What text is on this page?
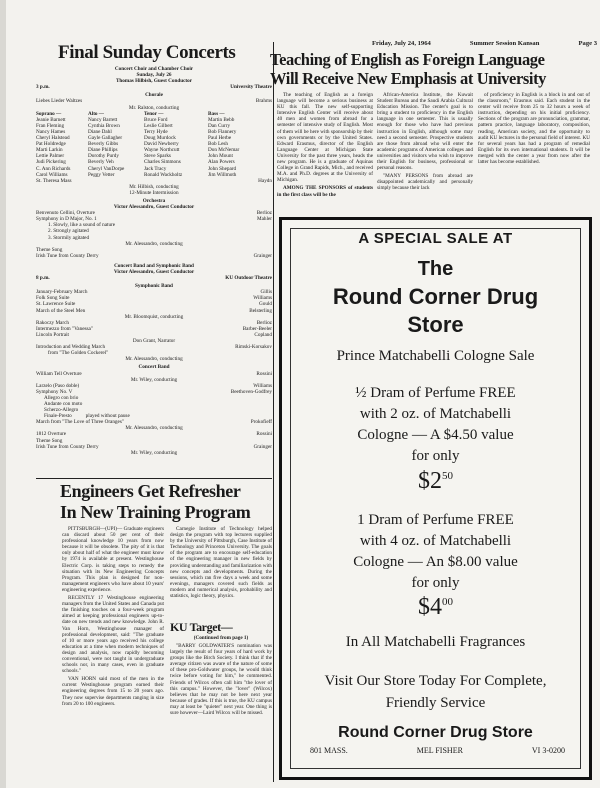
Friday, July 24, 1964	Summer Session Kansan	Page 3
Final Sunday Concerts
Concert Choir and Chamber Choir
Sunday, July 26
Thomas Hilbish, Guest Conductor
3 p.m.	University Theatre
Chorale
Liebes Lieder Waltzes	Brahms
Mr. Ralston, conducting
Soprano —	Alto —	Tenor —	Bass —
Jeanie Barnett	Nancy Barrett	Bruce Ford	Martin Bebb
Fran Fleming	Cynthia Brown	Leslie Gilbert	Dan Curry
Nancy Hames	Diane Dahl	Terry Hyde	Bob Flannery
Cheryl Halstead	Gayle Gallagher	Doug Murdock	Paul Herbe
Pat Holdredge	Beverly Gibbs	David Newberry	Bob Lesh
Marti Larkin	Diane Phillips	Wayne Northcutt	Don McNemar
Lettie Palmer	Dorothy Purdy	Steve Sparks	John Mount
Judi Pickering	Beverly Veh	Charles Simmons	Alan Powers
C. Ann Richards	Cheryl VanDorpe	Jack Tracy	John Shepard
Carol Williams	Peggy Vetter	Ronald Wackholtz	Jim Willmoth
St. Theresa Mass	Haydn
Mr. Hilbish, conducting
12-Minute Intermission
Orchestra
Victor Alessandro, Guest Conductor
Benvenuto Cellini, Overture	Berlioz
Symphony in D Major, No. 1	Mahler
1. Slowly, like a sound of nature
2. Strongly agitated
3. Stormily agitated
Mr. Alessandro, conducting
Theme Song
Irish Tune from County Derry	Grainger
Concert Band and Symphonic Band
Victor Alessandro, Guest Conductor
8 p.m.	KU Outdoor Theatre
Symphonic Band
January-February March	Gillis
Folk Song Suite	Williams
St. Lawrence Suite	Gould
March of the Steel Men	Belsterling
Mr. Bloomquist, conducting
Rakoczy March	Berlioz
Intermezzo from "Vanessa"	Barber-Beeler
Lincoln Portrait	Copland
Don Grant, Narrator
Introduction and Wedding March	Rimski-Korsakov
from "The Golden Cockerel"
Mr. Alessandro, conducting
Concert Band
William Tell Overture	Rossini
Mr. Wiley, conducting
Larzelo (Paso doble)	Williams
Symphony No. V	Beethoven-Godfrey
Allegro con brio
Andante con moto
Scherzo-Allegro
Finale-Presto	played without pause
March from "The Love of Three Oranges"	Prokofieff
Mr. Alessandro, conducting
1812 Overture	Rossini
Theme Song
Irish Tune from County Derry	Grainger
Mr. Wiley, conducting
Engineers Get Refresher
In New Training Program

PITTSBURGH—(UPI)— Graduate engineers can discard about 50 per cent of their professional knowledge 10 years from now because it will be obsolete. The pity of it is that only about half of what the engineer must know by 1974 is available at present. Westinghouse Electric Corp. is taking steps to remedy the situation with its New Engineering Concepts Program. This plan is designed for non-management engineers who have about 10 years' engineering experience.

RECENTLY 17 Westinghouse engineering managers from the United States and Canada put the finishing touches on a four-week program aimed at keeping professional engineers up-to-date on new trends and new knowledge. John R. Van Horn, Westinghouse manager of professional development, said: "The graduate of 10 or more years ago received his college education at a time when modern techniques of design and analysis, now rapidly becoming conventional, were not taught in undergraduate schools nor, in many cases, even in graduate schools."

VAN HORN said most of the men in the current Westinghouse program earned their engineering degrees from 15 to 20 years ago. They now supervise departments ranging in size from 20 to 100 engineers.

Carnegie Institute of Technology helped design the program with top lecturers supplied by the University of Pittsburgh, Case Institute of Technology and Princeton University. The goals of the program are to encourage self-education of the engineering manager in new fields by providing understanding and familiarization with new concepts and developments. During the sessions, which ran five days a week and some evenings, managers covered such fields as modern and numerical analysis, probability and statistics, logic theory, physics.

KU Target—
(Continued from page 1)

"BARRY GOLDWATER'S nomination was largely the result of four years of hard work by groups like the Birch Society. I think that if the average citizen was aware of the nature of some of these pro-Goldwater groups, he would think twice before voting for him," he commented. Friends of Wilcox often call him "the lover of this campus." However, the "lover" (Wilcox) believes that he may not be here next year because of grades. If this is true, the KU campus may at least be "quieter" next year. One thing is sure however—Laird Wilcox will be missed.

Teaching of English as Foreign Language
Will Receive New Emphasis at University

The teaching of English as a foreign language will become a serious business at KU this fall. The new self-supporting Intensive English Center will receive about 40 men and women from abroad for a semester of intensive study of English. Most of them will be here with sponsorship by their own governments or by the United States. Edward Erasmus, director of the English Language Center at Michigan State University for the past three years, heads the new program. He is a graduate of Aquinas College in Grand Rapids, Mich., and received M.A. and Ph.D. degrees at the University of Michigan.

AMONG THE SPONSORS of students in the first class will be the

African-America Institute, the Kuwait Student Bureau and the Saudi Arabia Cultural Education Mission. The center's goal is to bring a student to proficiency in the English language in one semester. This is usually enough for those who have had previous instruction in English, although some may need a second semester. Prospective students are those from abroad who will enter the academic programs of American colleges and universities and visitors who wish to improve their English for business, professional or personal reasons.

"MANY PERSONS from abroad are disappointed academically and personally simply because their lack

of proficiency in English is a block in and out of the classroom," Erasmus said. Each student in the center will receive from 25 to 32 hours a week of instruction, depending on his initial proficiency. Sections of the program are pronunciation, grammar, pattern practice, language laboratory, composition, reading, American society, and the opportunity to audit KU lectures in the personal field of interest. KU for several years has had a program of remedial English for its own international students. It will be merged with the center a year from now after the latter has become established.

A SPECIAL SALE AT
The
Round Corner Drug
Store
Prince Matchabelli Cologne Sale
½ Dram of Perfume FREE
with 2 oz. of Matchabelli
Cologne — A $4.50 value
for only
$\$2^{50}$
1 Dram of Perfume FREE
with 4 oz. of Matchabelli
Cologne — An $8.00 value
for only
$\$4^{00}$
In All Matchabelli Fragrances
Visit Our Store Today For Complete,
Friendly Service
Round Corner Drug Store
801 MASS.	MEL FISHER	VI 3-0200
